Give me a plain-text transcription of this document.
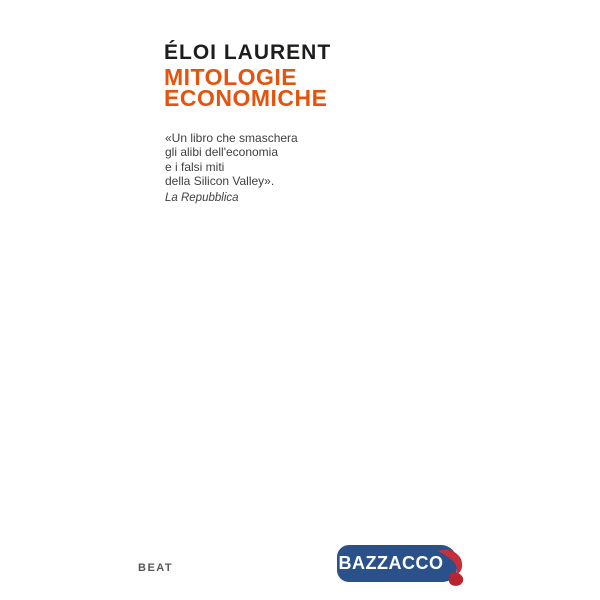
ÉLOI LAURENT
MITOLOGIE
ECONOMICHE
«Un libro che smaschera
gli alibi dell'economia
e i falsi miti
della Silicon Valley».
La Repubblica
BEAT	BAZZACCO
